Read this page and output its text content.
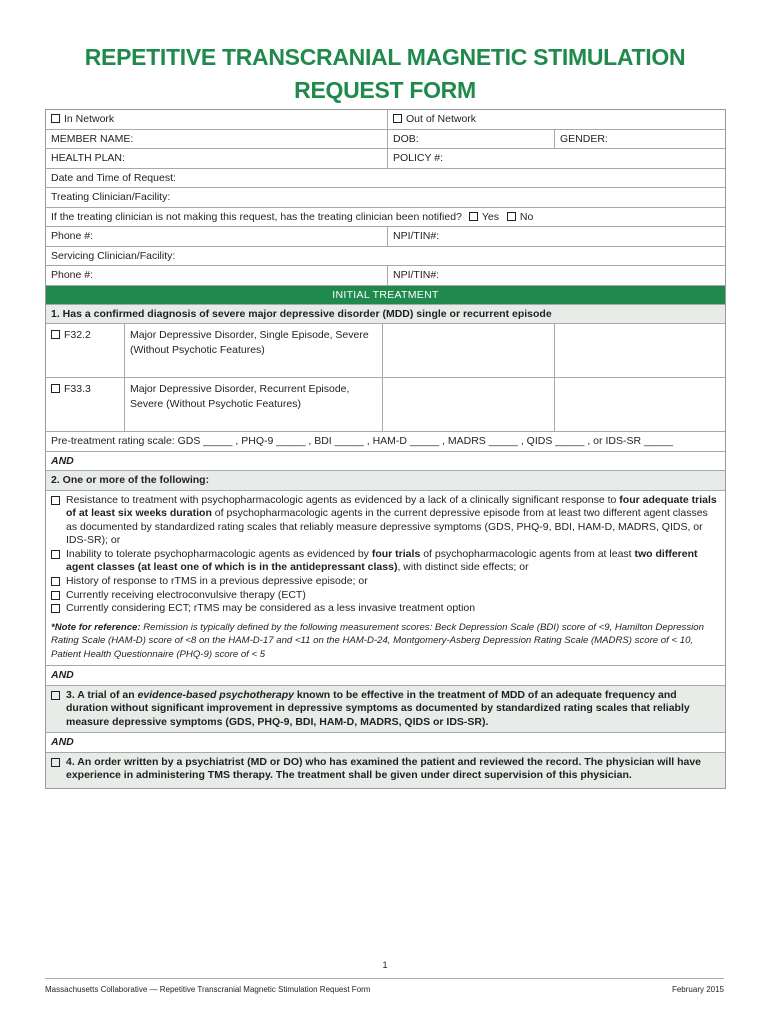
REPETITIVE TRANSCRANIAL MAGNETIC STIMULATION
REQUEST FORM
In Network	Out of Network
MEMBER NAME:	DOB:	GENDER:
HEALTH PLAN:	POLICY #:
Date and Time of Request:
Treating Clinician/Facility:
If the treating clinician is not making this request, has the treating clinician been notified? Yes No
Phone #:	NPI/TIN#:
Servicing Clinician/Facility:
Phone #:	NPI/TIN#:
INITIAL TREATMENT
1. Has a confirmed diagnosis of severe major depressive disorder (MDD) single or recurrent episode
F32.2	Major Depressive Disorder, Single Episode, Severe (Without Psychotic Features)
F33.3	Major Depressive Disorder, Recurrent Episode, Severe (Without Psychotic Features)
Pre-treatment rating scale: GDS _____ , PHQ-9 _____ , BDI _____ , HAM-D _____ , MADRS _____ , QIDS _____ , or IDS-SR _____
AND
2. One or more of the following:
Resistance to treatment with psychopharmacologic agents as evidenced by a lack of a clinically significant response to four adequate trials of at least six weeks duration of psychopharmacologic agents in the current depressive episode from at least two different agent classes as documented by standardized rating scales that reliably measure depressive symptoms (GDS, PHQ-9, BDI, HAM-D, MADRS, QIDS, or IDS-SR); or
Inability to tolerate psychopharmacologic agents as evidenced by four trials of psychopharmacologic agents from at least two different agent classes (at least one of which is in the antidepressant class), with distinct side effects; or
History of response to rTMS in a previous depressive episode; or
Currently receiving electroconvulsive therapy (ECT)
Currently considering ECT; rTMS may be considered as a less invasive treatment option
*Note for reference: Remission is typically defined by the following measurement scores: Beck Depression Scale (BDI) score of <9, Hamilton Depression Rating Scale (HAM-D) score of <8 on the HAM-D-17 and <11 on the HAM-D-24, Montgomery-Asberg Depression Rating Scale (MADRS) score of < 10, Patient Health Questionnaire (PHQ-9) score of < 5
AND
3. A trial of an evidence-based psychotherapy known to be effective in the treatment of MDD of an adequate frequency and duration without significant improvement in depressive symptoms as documented by standardized rating scales that reliably measure depressive symptoms (GDS, PHQ-9, BDI, HAM-D, MADRS, QIDS or IDS-SR).
AND
4. An order written by a psychiatrist (MD or DO) who has examined the patient and reviewed the record. The physician will have experience in administering TMS therapy. The treatment shall be given under direct supervision of this physician.
1
Massachusetts Collaborative — Repetitive Transcranial Magnetic Stimulation Request Form	February 2015
